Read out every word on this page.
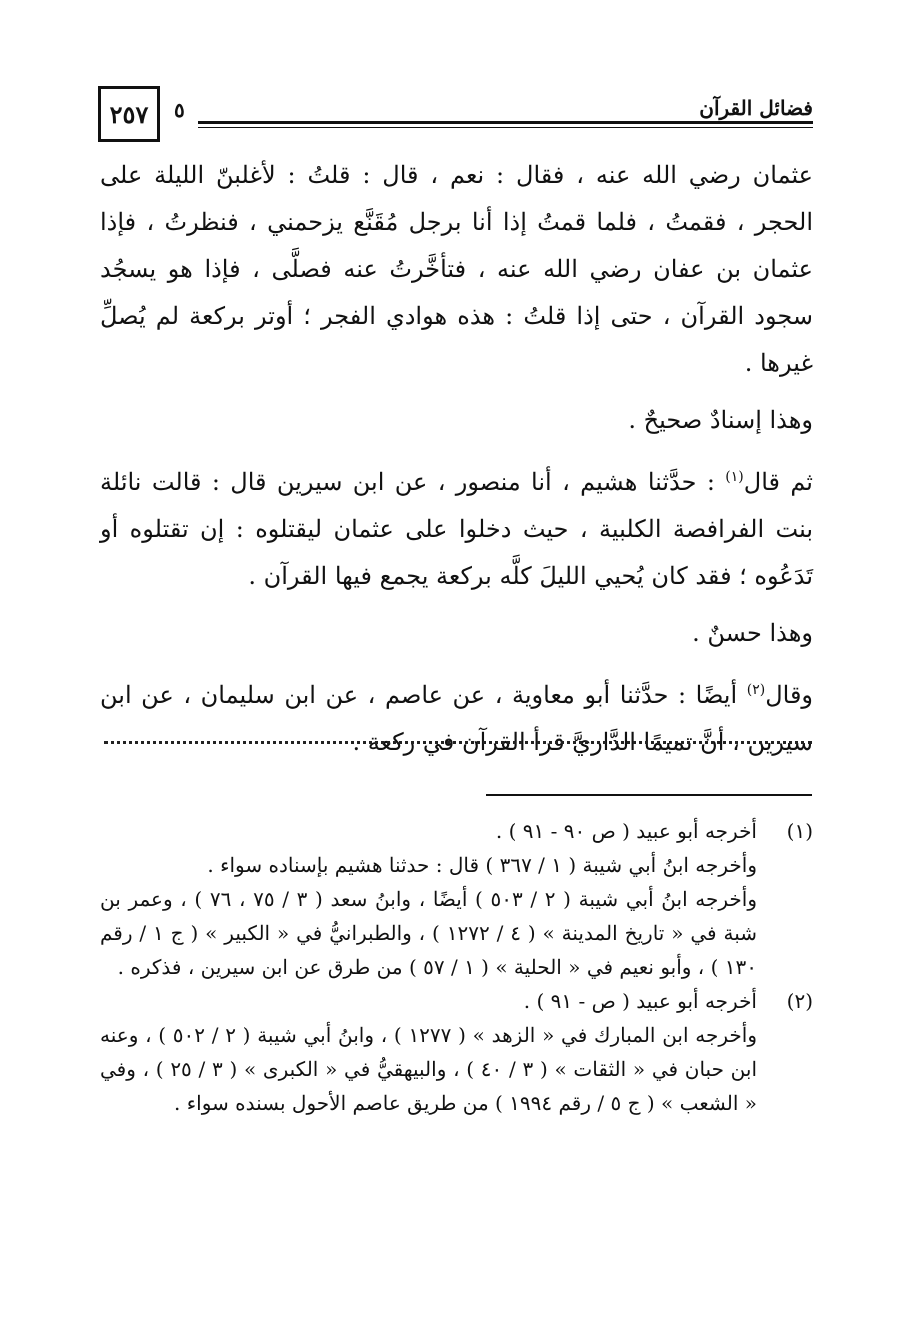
٢٥٧ ٥	فضائل القرآن

عثمان رضي الله عنه ، فقال : نعم ، قال : قلتُ : لأغلبنّ الليلة على الحجر ، فقمتُ ، فلما قمتُ إذا أنا برجل مُقَنَّع يزحمني ، فنظرتُ ، فإذا عثمان بن عفان رضي الله عنه ، فتأخَّرتُ عنه فصلَّى ، فإذا هو يسجُد سجود القرآن ، حتى إذا قلتُ : هذه هوادي الفجر ؛ أوتر بركعة لم يُصلِّ غيرها .

وهذا إسنادٌ صحيحٌ .

ثم قال$^{(١)}$ : حدَّثنا هشيم ، أنا منصور ، عن ابن سيرين قال : قالت نائلة بنت الفرافصة الكلبية ، حيث دخلوا على عثمان ليقتلوه : إن تقتلوه أو تَدَعُوه ؛ فقد كان يُحيي الليلَ كلَّه بركعة يجمع فيها القرآن .

وهذا حسنٌ .

وقال$^{(٢)}$ أيضًا : حدَّثنا أبو معاوية ، عن عاصم ، عن ابن سليمان ، عن ابن سيرين ، أنَّ تميمًا الدَّاريَّ قرأ القرآن في ركعة .

(١)
أخرجه أبو عبيد ( ص ٩٠ - ٩١ ) .
وأخرجه ابنُ أبي شيبة ( ١ / ٣٦٧ ) قال : حدثنا هشيم بإسناده سواء .
وأخرجه ابنُ أبي شيبة ( ٢ / ٥٠٣ ) أيضًا ، وابنُ سعد ( ٣ / ٧٥ ، ٧٦ ) ، وعمر بن شبة في « تاريخ المدينة » ( ٤ / ١٢٧٢ ) ، والطبرانيُّ في « الكبير » ( ج ١ / رقم ١٣٠ ) ، وأبو نعيم في « الحلية » ( ١ / ٥٧ ) من طرق عن ابن سيرين ، فذكره .
(٢)
أخرجه أبو عبيد ( ص - ٩١ ) .
وأخرجه ابن المبارك في « الزهد » ( ١٢٧٧ ) ، وابنُ أبي شيبة ( ٢ / ٥٠٢ ) ، وعنه ابن حبان في « الثقات » ( ٣ / ٤٠ ) ، والبيهقيُّ في « الكبرى » ( ٣ / ٢٥ ) ، وفي « الشعب » ( ج ٥ / رقم ١٩٩٤ ) من طريق عاصم الأحول بسنده سواء .
